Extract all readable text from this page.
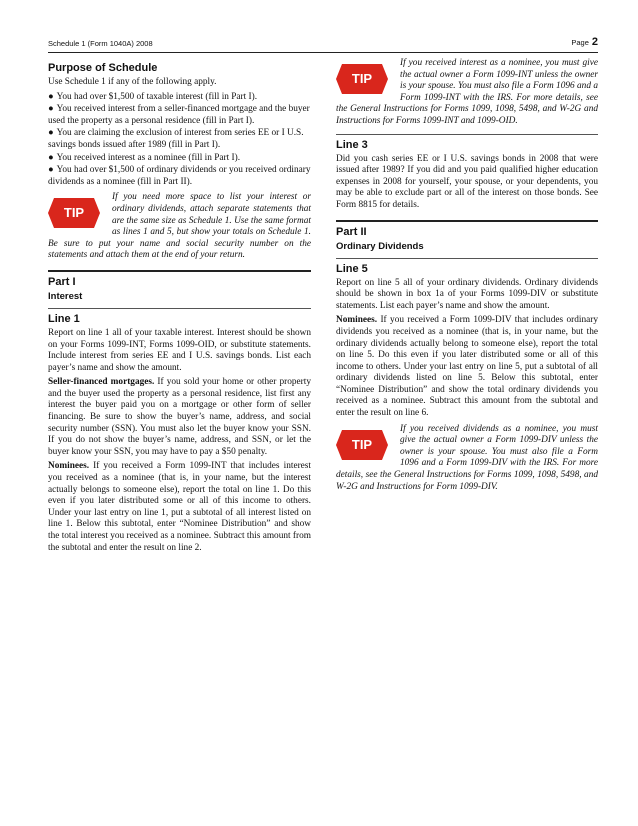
Schedule 1 (Form 1040A) 2008	Page 2
Purpose of Schedule

Use Schedule 1 if any of the following apply.

● You had over $1,500 of taxable interest (fill in Part I).
● You received interest from a seller-financed mortgage and the buyer used the property as a personal residence (fill in Part I).
● You are claiming the exclusion of interest from series EE or I U.S. savings bonds issued after 1989 (fill in Part I).
● You received interest as a nominee (fill in Part I).
● You had over $1,500 of ordinary dividends or you received ordinary dividends as a nominee (fill in Part II).
TIP

If you need more space to list your interest or ordinary dividends, attach separate statements that are the same size as Schedule 1. Use the same format as lines 1 and 5, but show your totals on Schedule 1. Be sure to put your name and social security number on the statements and attach them at the end of your return.

Part I
Interest
Line 1

Report on line 1 all of your taxable interest. Interest should be shown on your Forms 1099-INT, Forms 1099-OID, or substitute statements. Include interest from series EE and I U.S. savings bonds. List each payer’s name and show the amount.

Seller-financed mortgages. If you sold your home or other property and the buyer used the property as a personal residence, list first any interest the buyer paid you on a mortgage or other form of seller financing. Be sure to show the buyer’s name, address, and social security number (SSN). You must also let the buyer know your SSN. If you do not show the buyer’s name, address, and SSN, or let the buyer know your SSN, you may have to pay a $50 penalty.

Nominees. If you received a Form 1099-INT that includes interest you received as a nominee (that is, in your name, but the interest actually belongs to someone else), report the total on line 1. Do this even if you later distributed some or all of this income to others. Under your last entry on line 1, put a subtotal of all interest listed on line 1. Below this subtotal, enter “Nominee Distribution” and show the total interest you received as a nominee. Subtract this amount from the subtotal and enter the result on line 2.

TIP

If you received interest as a nominee, you must give the actual owner a Form 1099-INT unless the owner is your spouse. You must also file a Form 1096 and a Form 1099-INT with the IRS. For more details, see the General Instructions for Forms 1099, 1098, 5498, and W-2G and Instructions for Forms 1099-INT and 1099-OID.

Line 3

Did you cash series EE or I U.S. savings bonds in 2008 that were issued after 1989? If you did and you paid qualified higher education expenses in 2008 for yourself, your spouse, or your dependents, you may be able to exclude part or all of the interest on those bonds. See Form 8815 for details.

Part II
Ordinary Dividends
Line 5

Report on line 5 all of your ordinary dividends. Ordinary dividends should be shown in box 1a of your Forms 1099-DIV or substitute statements. List each payer’s name and show the amount.

Nominees. If you received a Form 1099-DIV that includes ordinary dividends you received as a nominee (that is, in your name, but the ordinary dividends actually belong to someone else), report the total on line 5. Do this even if you later distributed some or all of this income to others. Under your last entry on line 5, put a subtotal of all ordinary dividends listed on line 5. Below this subtotal, enter “Nominee Distribution” and show the total ordinary dividends you received as a nominee. Subtract this amount from the subtotal and enter the result on line 6.

TIP

If you received dividends as a nominee, you must give the actual owner a Form 1099-DIV unless the owner is your spouse. You must also file a Form 1096 and a Form 1099-DIV with the IRS. For more details, see the General Instructions for Forms 1099, 1098, 5498, and W-2G and Instructions for Form 1099-DIV.
